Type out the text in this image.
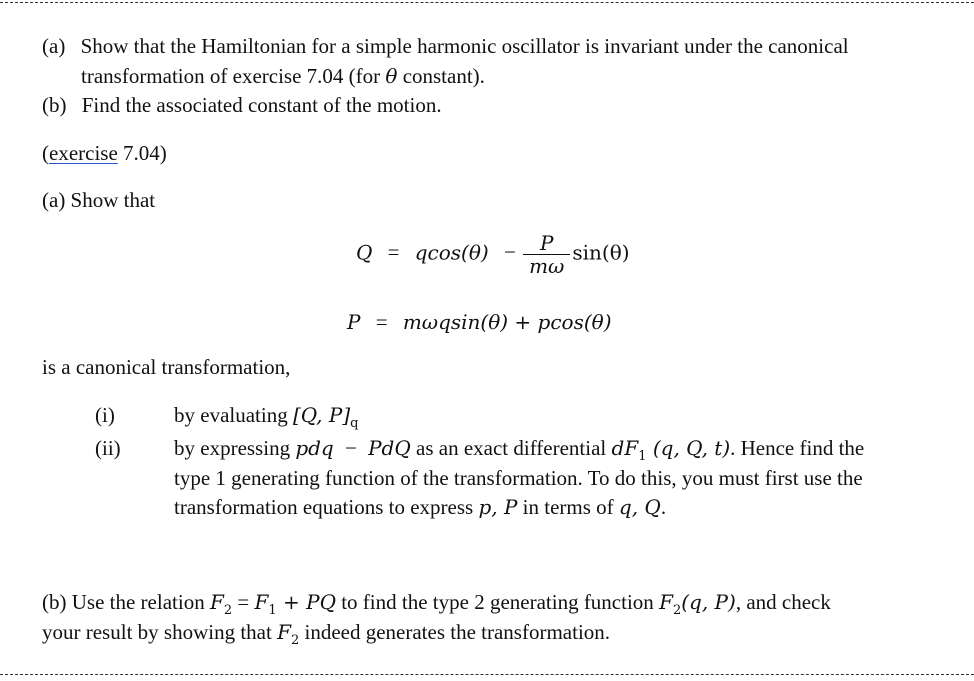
(a) Show that the Hamiltonian for a simple harmonic oscillator is invariant under the canonical
transformation of exercise 7.04 (for θ constant).
(b) Find the associated constant of the motion.
(exercise 7.04)
(a) Show that
$Q = qcos(\theta) - \frac{P}{m\omega} \sin(\theta)$
P = mωqsin(θ) + pcos(θ)
is a canonical transformation,
(i)	by evaluating [Q, $P]_q$
(ii)	by expressing pdq − PdQ as an exact differential $dF_1$ (q, Q, t). Hence find the
type 1 generating function of the transformation. To do this, you must first use the
transformation equations to express p, P in terms of q, Q.
(b) Use the relation $F_2 = F_1$ + PQ to find the type 2 generating function $F_2(q$, P), and check
your result by showing that $F_2$ indeed generates the transformation.
